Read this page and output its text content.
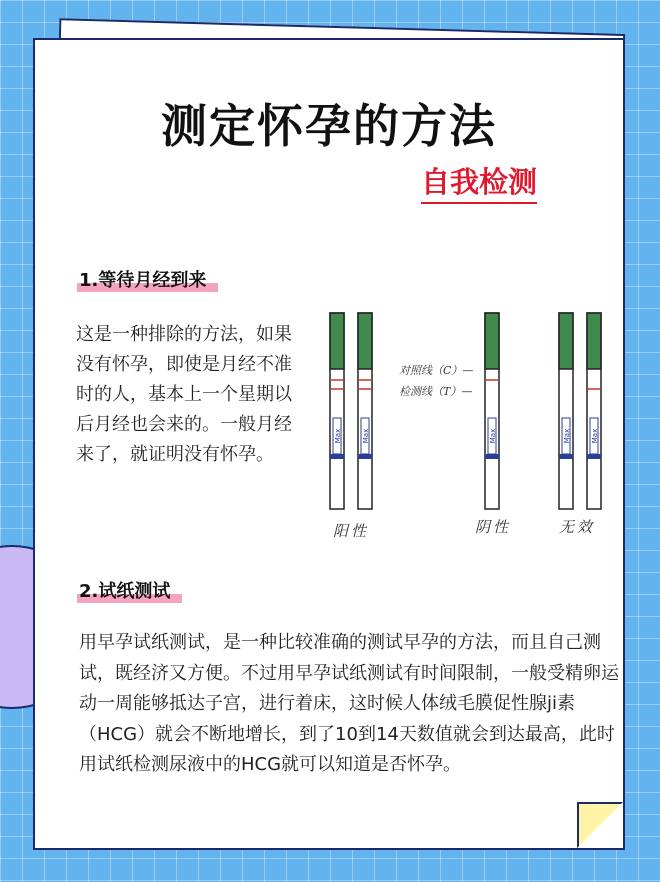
测定怀孕的方法
自我检测
1.等待月经到来
这是一种排除的方法，如果没有怀孕，即使是月经不准时的人，基本上一个星期以后月经也会来的。一般月经来了，就证明没有怀孕。
Max	Max	Max	Max	Max
对照线（C）—
检测线（T）—
阳性	阴性	无效
2.试纸测试
用早孕试纸测试，是一种比较准确的测试早孕的方法，而且自己测试，既经济又方便。不过用早孕试纸测试有时间限制，一般受精卵运动一周能够抵达子宫，进行着床，这时候人体绒毛膜促性腺ji素（HCG）就会不断地增长，到了10到14天数值就会到达最高，此时用试纸检测尿液中的HCG就可以知道是否怀孕。
